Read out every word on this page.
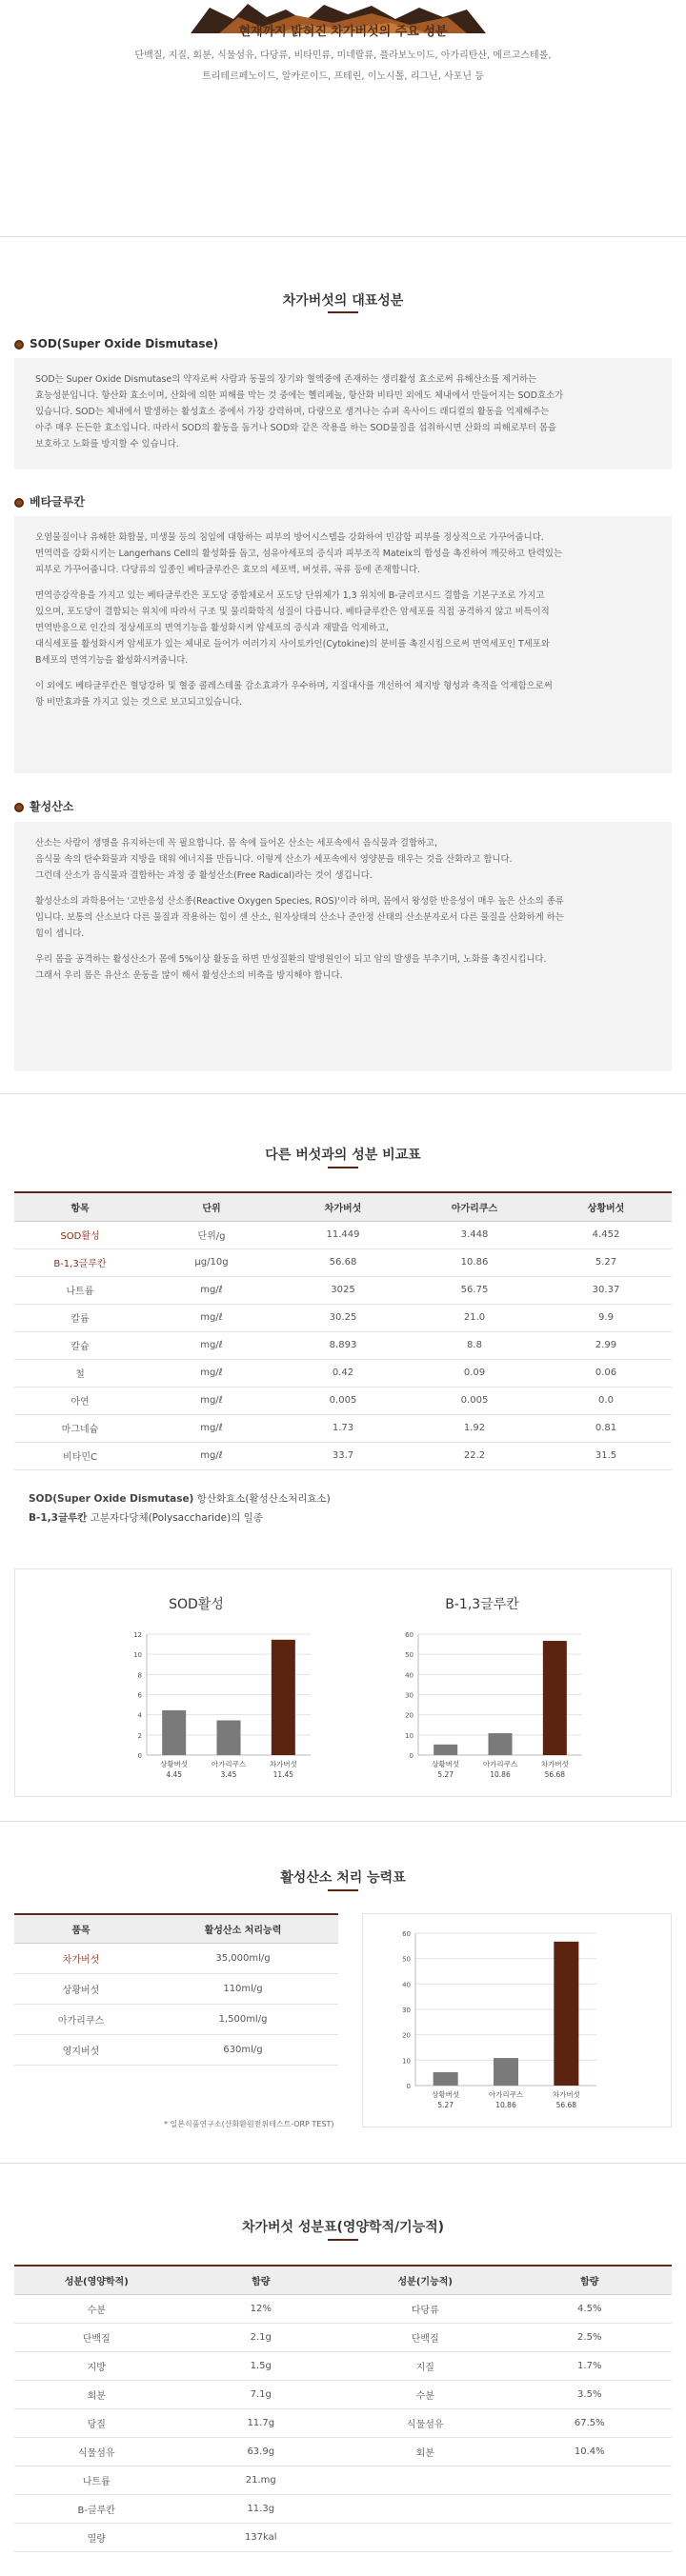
현재까지 밝혀진 차가버섯의 주요 성분
단백질, 지질, 회분, 식물섬유, 다당류, 비타민류, 미네랄류, 플라보노이드, 아가리탄산, 에르고스테롤,
트리테르페노이드, 알카로이드, 프테린, 이노시톨, 리그닌, 사포닌 등
차가버섯의 대표성분
SOD(Super Oxide Dismutase)

SOD는 Super Oxide Dismutase의 약자로써 사람과 동물의 장기와 혈액중에 존재하는 생리활성 효소로써 유해산소를 제거하는
효능성분입니다. 항산화 효소이며, 산화에 의한 피해를 막는 것 중에는 헬리페놀, 항산화 비타민 외에도 체내에서 만들어지는 SOD효소가
있습니다. SOD는 체내에서 발생하는 활성효소 중에서 가장 강력하며, 다량으로 생겨나는 슈퍼 옥사이드 래디컬의 활동을 억제해주는
아주 매우 든든한 효소입니다. 따라서 SOD의 활동을 돕거나 SOD와 같은 작용을 하는 SOD물질을 섭취하시면 산화의 피해로부터 몸을
보호하고 노화를 방지할 수 있습니다.

베타글루칸

오염물질이나 유해한 화합물, 미생물 등의 침입에 대항하는 피부의 방어시스템을 강화하여 민감함 피부를 정상적으로 가꾸어줍니다.
면역력을 강화시키는 Langerhans Cell의 활성화를 돕고, 섬유아세포의 증식과 피부조직 Mateix의 합성을 촉진하여 깨끗하고 탄력있는
피부로 가꾸어줍니다. 다당류의 일종인 베타글루칸은 효모의 세포벽, 버섯류, 곡류 등에 존재합니다.

면역증강작용을 가지고 있는 베타글루칸은 포도당 중합체로서 포도당 단위체가 1,3 위치에 B-글리코시드 결합을 기본구조로 가지고
있으며, 포도당이 결합되는 위치에 따라서 구조 및 물리화학적 성질이 다릅니다. 베타글루칸은 암세포를 직접 공격하지 않고 비특이적
면역반응으로 인간의 정상세포의 면역기능을 활성화시켜 암세포의 증식과 재발을 억제하고,
대식세포를 활성화시켜 암세포가 있는 체내로 들어가 여러가지 사이토카인(Cytokine)의 분비를 촉진시킴으로써 면역세포인 T세포와
B세포의 면역기능을 활성화시켜줍니다.

이 외에도 베타글루칸은 혈당강하 및 혈중 콜레스테롤 감소효과가 우수하며, 지질대사를 개선하여 체지방 형성과 축적을 억제함으로써
항 비만효과를 가지고 있는 것으로 보고되고있습니다.

활성산소

산소는 사람이 생명을 유지하는데 꼭 필요합니다. 몸 속에 들어온 산소는 세포속에서 음식물과 결합하고,
음식물 속의 탄수화물과 지방을 태워 에너지를 만듭니다. 이렇게 산소가 세포속에서 영양분을 태우는 것을 산화라고 합니다.
그런데 산소가 음식물과 결합하는 과정 중 활성산소(Free Radical)라는 것이 생깁니다.

활성산소의 과학용어는 '고반응성 산소종(Reactive Oxygen Species, ROS)'이라 하며, 몸에서 왕성한 반응성이 매우 높은 산소의 종류
입니다. 보통의 산소보다 다른 물질과 작용하는 힘이 센 산소, 원자상태의 산소나 준안정 산태의 산소분자로서 다른 물질을 산화하게 하는
힘이 셉니다.

우리 몸을 공격하는 활성산소가 몸에 5%이상 활동을 하면 만성질환의 발병원인이 되고 암의 발생을 부추기며, 노화를 촉진시킵니다.
그래서 우리 몸은 유산소 운동을 많이 해서 활성산소의 비축을 방지해야 합니다.

다른 버섯과의 성분 비교표
항목	단위	차가버섯	아가리쿠스	상황버섯
SOD활성	단위/g	11.449	3.448	4.452
B-1,3글루칸	μg/10g	56.68	10.86	5.27
나트륨	mg/ℓ	3025	56.75	30.37
칼륨	mg/ℓ	30.25	21.0	9.9
칼슘	mg/ℓ	8.893	8.8	2.99
철	mg/ℓ	0.42	0.09	0.06
아연	mg/ℓ	0.005	0.005	0.0
마그네슘	mg/ℓ	1.73	1.92	0.81
비타민C	mg/ℓ	33.7	22.2	31.5
SOD(Super Oxide Dismutase) 항산화효소(활성산소처리효소)
B-1,3글루칸 고분자다당체(Polysaccharide)의 일종
SOD활성	B-1,3글루칸
0
2
4
6
8
10
12
상황버섯
4.45
아가리쿠스
3.45
차가버섯
11.45
0
10
20
30
40
50
60
상황버섯
5.27
아가리쿠스
10.86
차가버섯
56.68
활성산소 처리 능력표
품목	활성산소 처리능력
차가버섯	35,000ml/g
상황버섯	110ml/g
아가리쿠스	1,500ml/g
영지버섯	630ml/g
* 일본식품연구소(산화환원전위테스트-ORP TEST)
0
10
20
30
40
50
60
상황버섯
5.27
아가리쿠스
10.86
차가버섯
56.68
차가버섯 성분표(영양학적/기능적)
성분(영양학적)	함량	성분(기능적)	함량
수분	12%	다당류	4.5%
단백질	2.1g	단백질	2.5%
지방	1.5g	지질	1.7%
회분	7.1g	수분	3.5%
당질	11.7g	식물섬유	67.5%
식물섬유	63.9g	회분	10.4%
나트륨	21.mg		
B-글루칸	11.3g		
열량	137kal		
